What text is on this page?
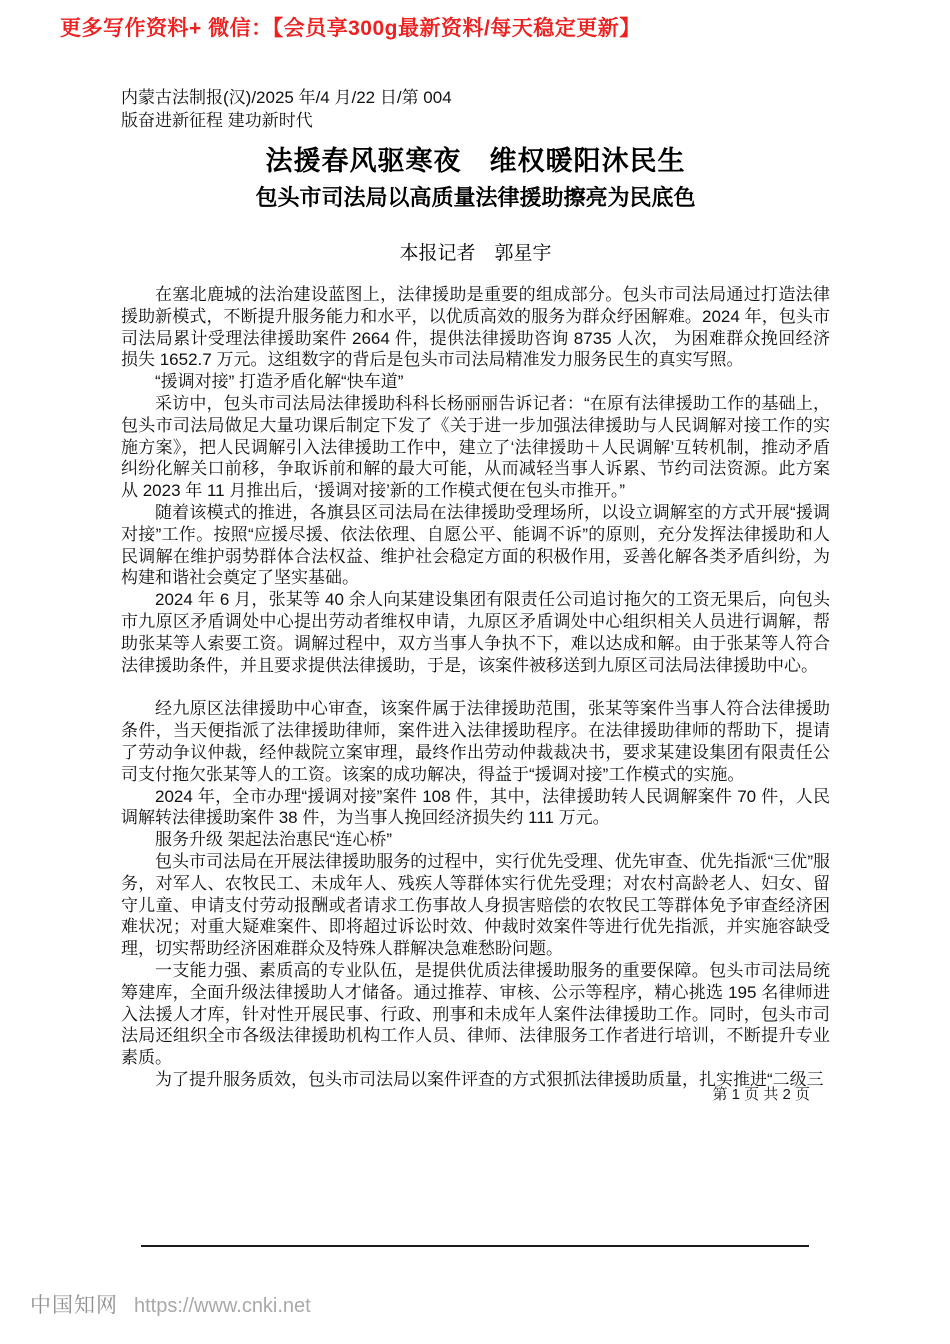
更多写作资料+ 微信：【会员享300g最新资料/每天稳定更新】
内蒙古法制报(汉)/2025 年/4 月/22 日/第 004
版奋进新征程 建功新时代
法援春风驱寒夜　维权暖阳沐民生
包头市司法局以高质量法律援助擦亮为民底色
本报记者　郭星宇

在塞北鹿城的法治建设蓝图上，法律援助是重要的组成部分。包头市司法局通过打造法律援助新模式，不断提升服务能力和水平，以优质高效的服务为群众纾困解难。2024 年，包头市司法局累计受理法律援助案件 2664 件，提供法律援助咨询 8735 人次， 为困难群众挽回经济损失 1652.7 万元。这组数字的背后是包头市司法局精准发力服务民生的真实写照。

“援调对接” 打造矛盾化解“快车道”

采访中，包头市司法局法律援助科科长杨丽丽告诉记者：“在原有法律援助工作的基础上，包头市司法局做足大量功课后制定下发了《关于进一步加强法律援助与人民调解对接工作的实施方案》，把人民调解引入法律援助工作中，建立了‘法律援助＋人民调解’互转机制，推动矛盾纠纷化解关口前移，争取诉前和解的最大可能，从而减轻当事人诉累、节约司法资源。此方案从 2023 年 11 月推出后，‘援调对接’新的工作模式便在包头市推开。”

随着该模式的推进，各旗县区司法局在法律援助受理场所，以设立调解室的方式开展“援调对接”工作。按照“应援尽援、依法依理、自愿公平、能调不诉”的原则，充分发挥法律援助和人民调解在维护弱势群体合法权益、维护社会稳定方面的积极作用，妥善化解各类矛盾纠纷，为构建和谐社会奠定了坚实基础。

2024 年 6 月，张某等 40 余人向某建设集团有限责任公司追讨拖欠的工资无果后，向包头市九原区矛盾调处中心提出劳动者维权申请，九原区矛盾调处中心组织相关人员进行调解，帮助张某等人索要工资。调解过程中，双方当事人争执不下，难以达成和解。由于张某等人符合法律援助条件，并且要求提供法律援助，于是，该案件被移送到九原区司法局法律援助中心。

经九原区法律援助中心审查，该案件属于法律援助范围，张某等案件当事人符合法律援助条件，当天便指派了法律援助律师，案件进入法律援助程序。在法律援助律师的帮助下，提请了劳动争议仲裁，经仲裁院立案审理，最终作出劳动仲裁裁决书，要求某建设集团有限责任公司支付拖欠张某等人的工资。该案的成功解决，得益于“援调对接”工作模式的实施。

2024 年，全市办理“援调对接”案件 108 件，其中，法律援助转人民调解案件 70 件，人民调解转法律援助案件 38 件，为当事人挽回经济损失约 111 万元。

服务升级 架起法治惠民“连心桥”

包头市司法局在开展法律援助服务的过程中，实行优先受理、优先审查、优先指派“三优”服务，对军人、农牧民工、未成年人、残疾人等群体实行优先受理；对农村高龄老人、妇女、留守儿童、申请支付劳动报酬或者请求工伤事故人身损害赔偿的农牧民工等群体免予审查经济困难状况；对重大疑难案件、即将超过诉讼时效、仲裁时效案件等进行优先指派，并实施容缺受理，切实帮助经济困难群众及特殊人群解决急难愁盼问题。

一支能力强、素质高的专业队伍，是提供优质法律援助服务的重要保障。包头市司法局统筹建库，全面升级法律援助人才储备。通过推荐、审核、公示等程序，精心挑选 195 名律师进入法援人才库，针对性开展民事、行政、刑事和未成年人案件法律援助工作。同时，包头市司法局还组织全市各级法律援助机构工作人员、律师、法律服务工作者进行培训，不断提升专业素质。

为了提升服务质效，包头市司法局以案件评查的方式狠抓法律援助质量，扎实推进“二级三

第 1 页 共 2 页
中国知网 https://www.cnki.net
